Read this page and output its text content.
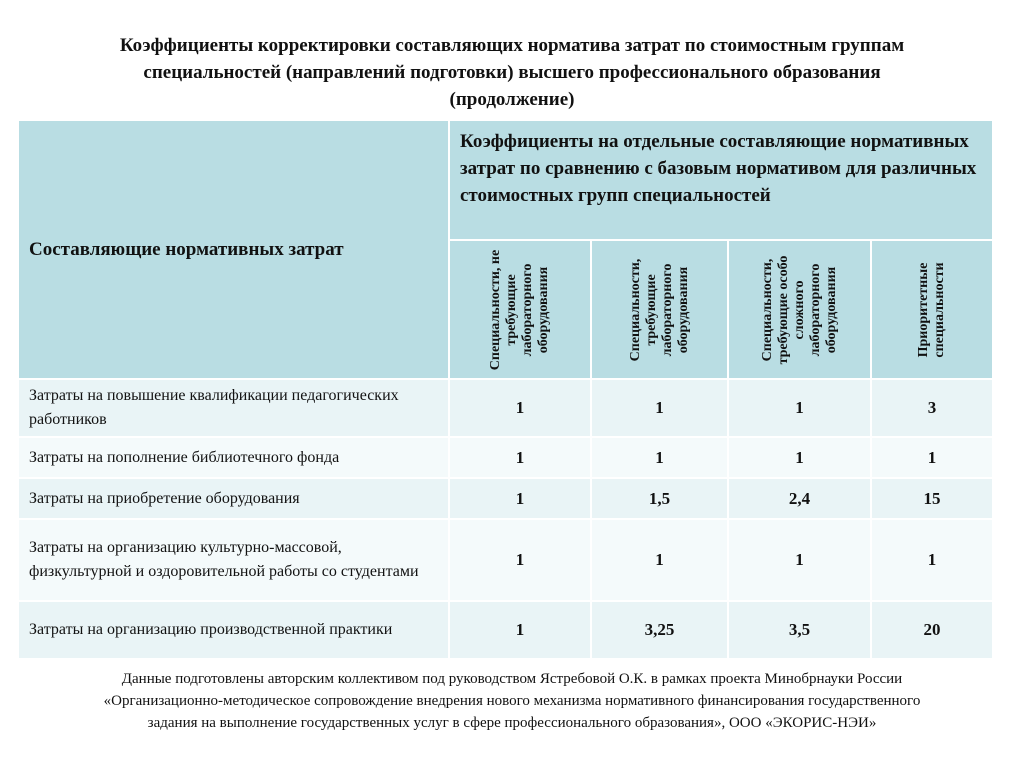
Коэффициенты корректировки составляющих норматива затрат по стоимостным группам
специальностей (направлений подготовки) высшего профессионального образования
(продолжение)
Составляющие нормативных затрат	Коэффициенты на отдельные составляющие нормативных затрат по сравнению с базовым нормативом для различных стоимостных групп специальностей			

	Специальности, не требующие лабораторного оборудования	Специальности, требующие лабораторного оборудования	Специальности, требующие особо сложного лабораторного оборудования	Приоритетные специальности

Затраты на повышение квалификации педагогических работников	1	1	1	3
Затраты на пополнение библиотечного фонда	1	1	1	1
Затраты на приобретение оборудования	1	1,5	2,4	15
Затраты на организацию культурно-массовой, физкультурной и оздоровительной работы со студентами	1	1	1	1
Затраты на организацию производственной практики	1	3,25	3,5	20
Данные подготовлены авторским коллективом под руководством Ястребовой О.К. в рамках проекта Минобрнауки России
«Организационно-методическое сопровождение внедрения нового механизма нормативного финансирования государственного
задания на выполнение государственных услуг в сфере профессионального образования», ООО «ЭКОРИС-НЭИ»
